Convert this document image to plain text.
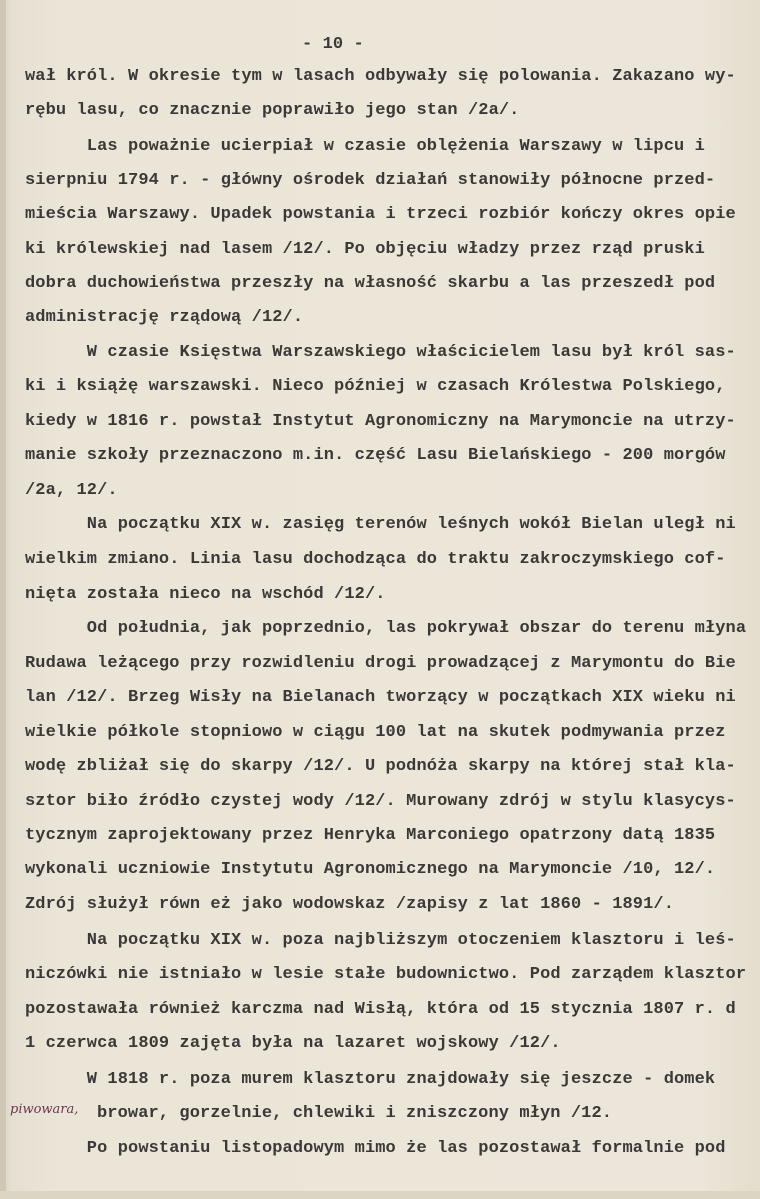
- 10 -
wał król. W okresie tym w lasach odbywały się polowania. Zakazano wy-
rębu lasu, co znacznie poprawiło jego stan /2a/.
Las poważnie ucierpiał w czasie oblężenia Warszawy w lipcu i
sierpniu 1794 r. - główny ośrodek działań stanowiły północne przed-
mieścia Warszawy. Upadek powstania i trzeci rozbiór kończy okres opie
ki królewskiej nad lasem /12/. Po objęciu władzy przez rząd pruski
dobra duchowieństwa przeszły na własność skarbu a las przeszedł pod
administrację rządową /12/.
W czasie Księstwa Warszawskiego właścicielem lasu był król sas-
ki i książę warszawski. Nieco później w czasach Królestwa Polskiego,
kiedy w 1816 r. powstał Instytut Agronomiczny na Marymoncie na utrzy-
manie szkoły przeznaczono m.in. część Lasu Bielańskiego - 200 morgów
/2a, 12/.
Na początku XIX w. zasięg terenów leśnych wokół Bielan uległ ni
wielkim zmiano. Linia lasu dochodząca do traktu zakroczymskiego cof-
nięta została nieco na wschód /12/.
Od południa, jak poprzednio, las pokrywał obszar do terenu młyna
Rudawa leżącego przy rozwidleniu drogi prowadzącej z Marymontu do Bie
lan /12/. Brzeg Wisły na Bielanach tworzący w początkach XIX wieku ni
wielkie półkole stopniowo w ciągu 100 lat na skutek podmywania przez
wodę zbliżał się do skarpy /12/. U podnóża skarpy na której stał kla-
sztor biło źródło czystej wody /12/. Murowany zdrój w stylu klasycys-
tycznym zaprojektowany przez Henryka Marconiego opatrzony datą 1835
wykonali uczniowie Instytutu Agronomicznego na Marymoncie /10, 12/.
Zdrój służył równ eż jako wodowskaz /zapisy z lat 1860 - 1891/.
Na początku XIX w. poza najbliższym otoczeniem klasztoru i leś-
niczówki nie istniało w lesie stałe budownictwo. Pod zarządem klasztor
pozostawała również karczma nad Wisłą, która od 15 stycznia 1807 r. d
1 czerwca 1809 zajęta była na lazaret wojskowy /12/.
W 1818 r. poza murem klasztoru znajdowały się jeszcze - domek
browar, gorzelnie, chlewiki i zniszczony młyn /12.
Po powstaniu listopadowym mimo że las pozostawał formalnie pod
piwowara,
